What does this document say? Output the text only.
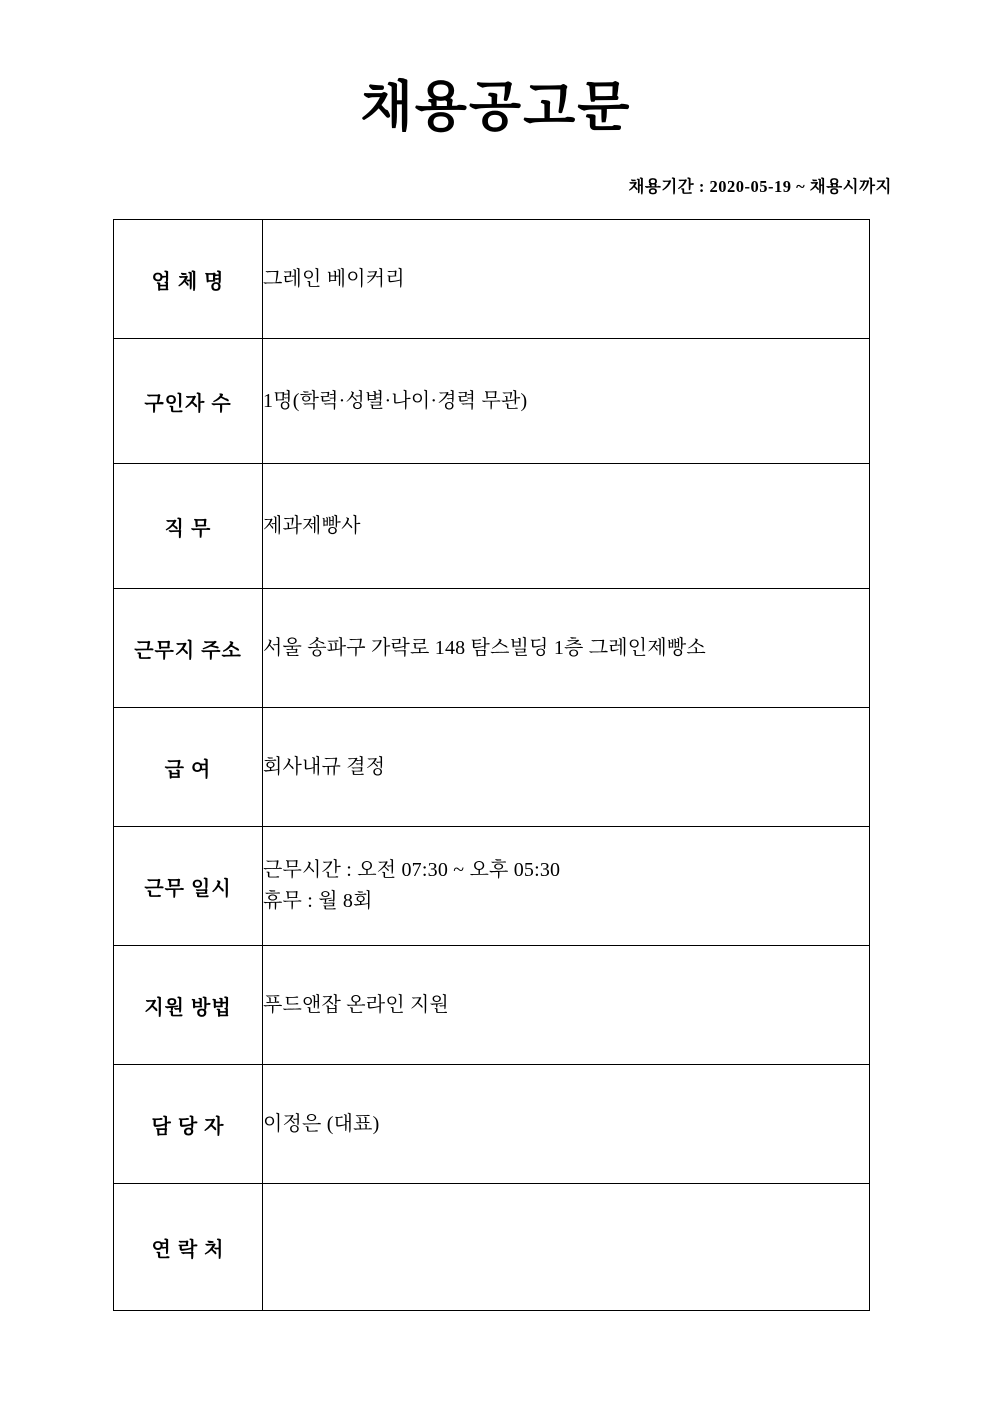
채용공고문
채용기간 : 2020-05-19 ~ 채용시까지
업 체 명	그레인 베이커리

구인자 수	1명(학력·성별·나이·경력 무관)

직 무	제과제빵사

근무지 주소	서울 송파구 가락로 148 탐스빌딩 1층 그레인제빵소

급 여	회사내규 결정

근무 일시	근무시간 : 오전 07:30 ~ 오후 05:30
휴무 : 월 8회

지원 방법	푸드앤잡 온라인 지원

담 당 자	이정은 (대표)

연 락 처	
